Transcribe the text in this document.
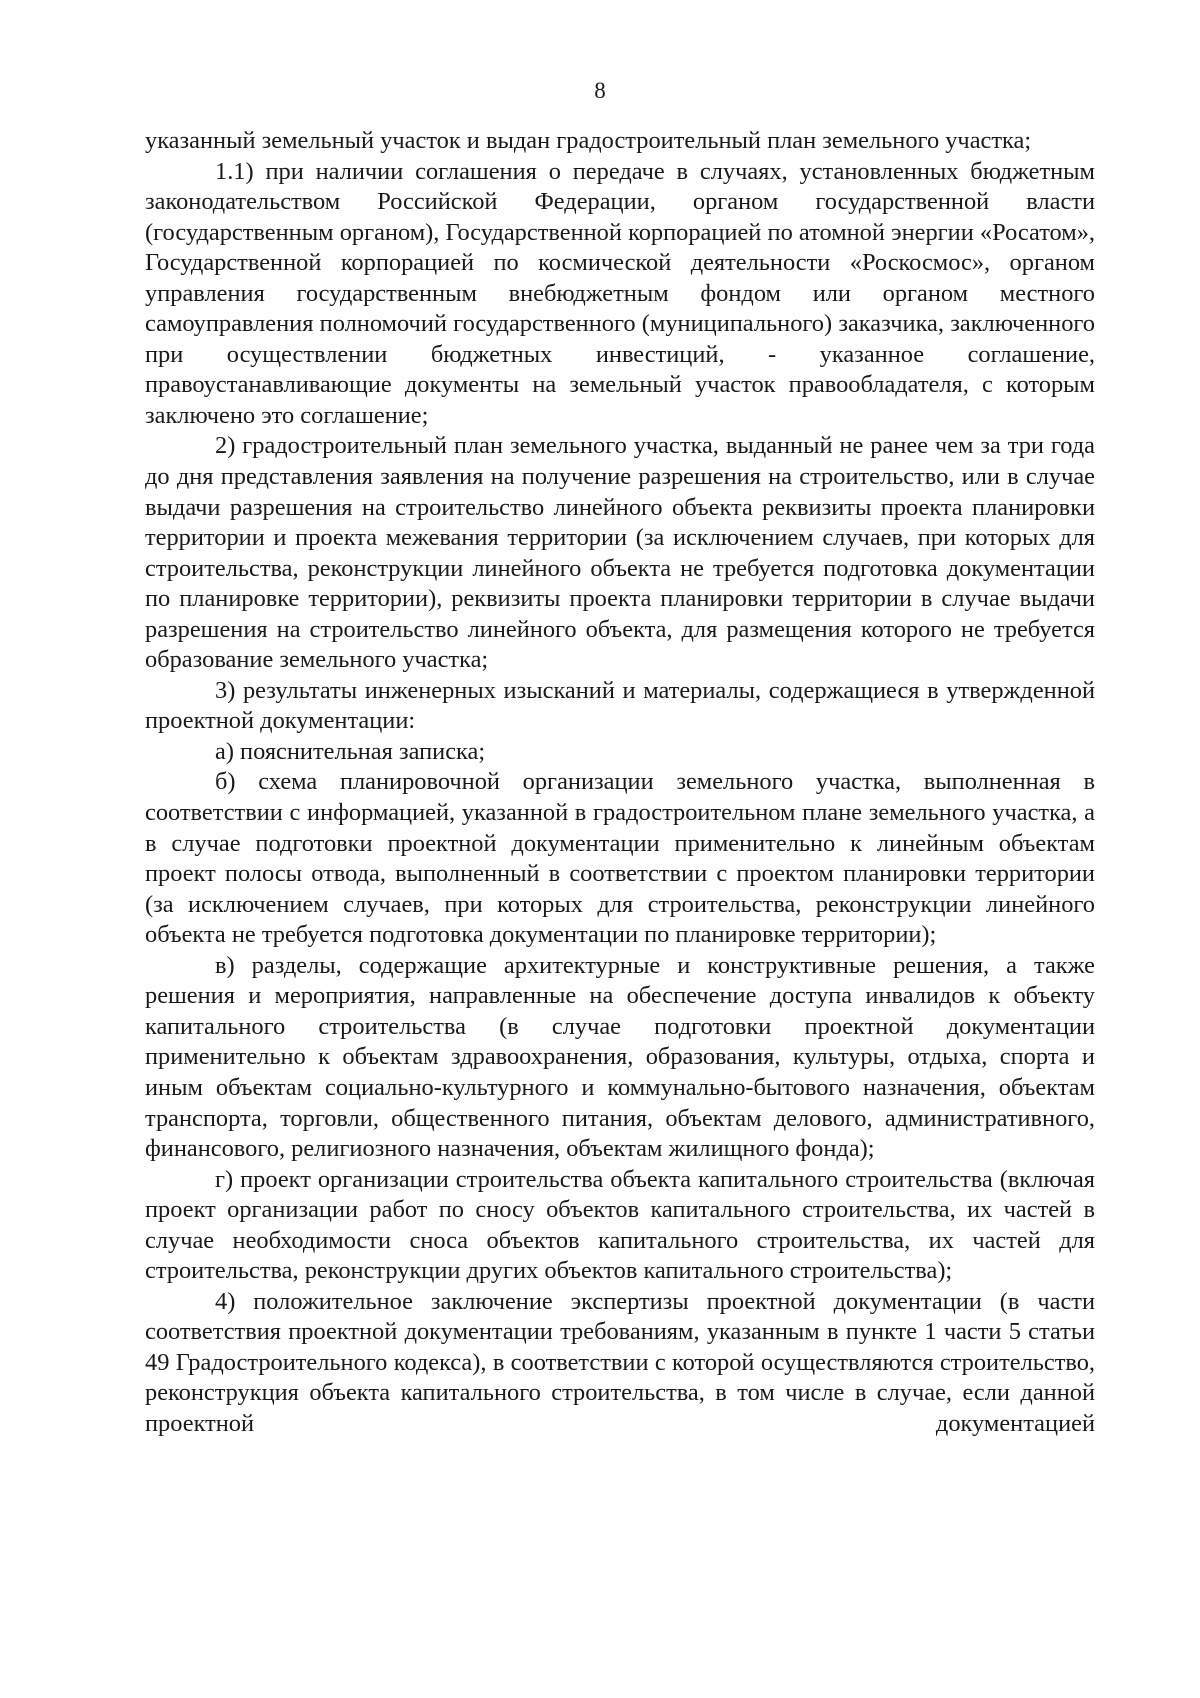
8

указанный земельный участок и выдан градостроительный план земельного участка;

1.1) при наличии соглашения о передаче в случаях, установленных бюджетным законодательством Российской Федерации, органом государственной власти (государственным органом), Государственной корпорацией по атомной энергии «Росатом», Государственной корпорацией по космической деятельности «Роскосмос», органом управления государственным внебюджетным фондом или органом местного самоуправления полномочий государственного (муниципального) заказчика, заключенного при осуществлении бюджетных инвестиций, - указанное соглашение, правоустанавливающие документы на земельный участок правообладателя, с которым заключено это соглашение;

2) градостроительный план земельного участка, выданный не ранее чем за три года до дня представления заявления на получение разрешения на строительство, или в случае выдачи разрешения на строительство линейного объекта реквизиты проекта планировки территории и проекта межевания территории (за исключением случаев, при которых для строительства, реконструкции линейного объекта не требуется подготовка документации по планировке территории), реквизиты проекта планировки территории в случае выдачи разрешения на строительство линейного объекта, для размещения которого не требуется образование земельного участка;

3) результаты инженерных изысканий и материалы, содержащиеся в утвержденной проектной документации:

а) пояснительная записка;

б) схема планировочной организации земельного участка, выполненная в соответствии с информацией, указанной в градостроительном плане земельного участка, а в случае подготовки проектной документации применительно к линейным объектам проект полосы отвода, выполненный в соответствии с проектом планировки территории (за исключением случаев, при которых для строительства, реконструкции линейного объекта не требуется подготовка документации по планировке территории);

в) разделы, содержащие архитектурные и конструктивные решения, а также решения и мероприятия, направленные на обеспечение доступа инвалидов к объекту капитального строительства (в случае подготовки проектной документации применительно к объектам здравоохранения, образования, культуры, отдыха, спорта и иным объектам социально-культурного и коммунально-бытового назначения, объектам транспорта, торговли, общественного питания, объектам делового, административного, финансового, религиозного назначения, объектам жилищного фонда);

г) проект организации строительства объекта капитального строительства (включая проект организации работ по сносу объектов капитального строительства, их частей в случае необходимости сноса объектов капитального строительства, их частей для строительства, реконструкции других объектов капитального строительства);

4) положительное заключение экспертизы проектной документации (в части соответствия проектной документации требованиям, указанным в пункте 1 части 5 статьи 49 Градостроительного кодекса), в соответствии с которой осуществляются строительство, реконструкция объекта капитального строительства, в том числе в случае, если данной проектной документацией
